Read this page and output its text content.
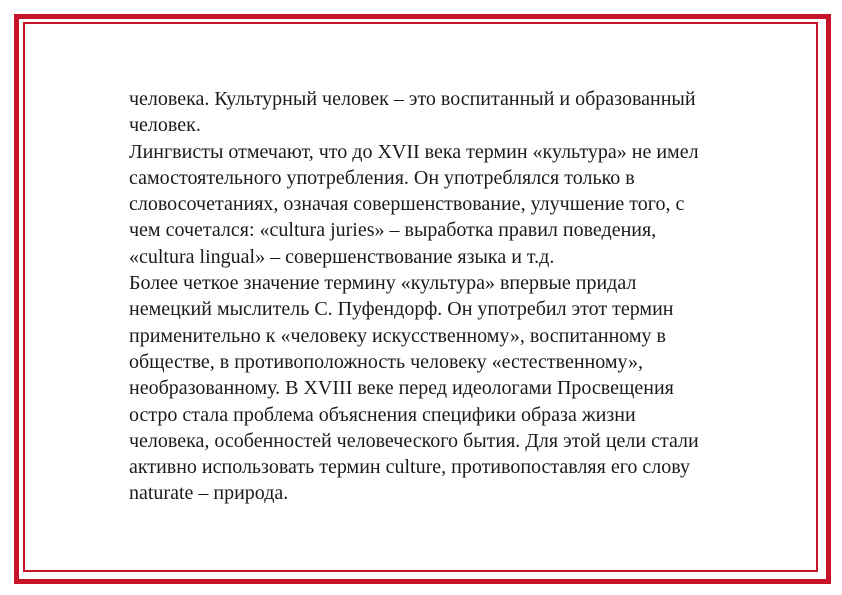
человека. Культурный человек – это воспитанный и образованный
человек.
Лингвисты отмечают, что до XVII века термин «культура» не имел
самостоятельного употребления. Он употреблялся только в
словосочетаниях, означая совершенствование, улучшение того, с
чем сочетался: «cultura juries» – выработка правил поведения,
«cultura lingual» – совершенствование языка и т.д.
Более четкое значение термину «культура» впервые придал
немецкий мыслитель С. Пуфендорф. Он употребил этот термин
применительно к «человеку искусственному», воспитанному в
обществе, в противоположность человеку «естественному»,
необразованному. В XVIII веке перед идеологами Просвещения
остро стала проблема объяснения специфики образа жизни
человека, особенностей человеческого бытия. Для этой цели стали
активно использовать термин culture, противопоставляя его слову
naturate – природа.
